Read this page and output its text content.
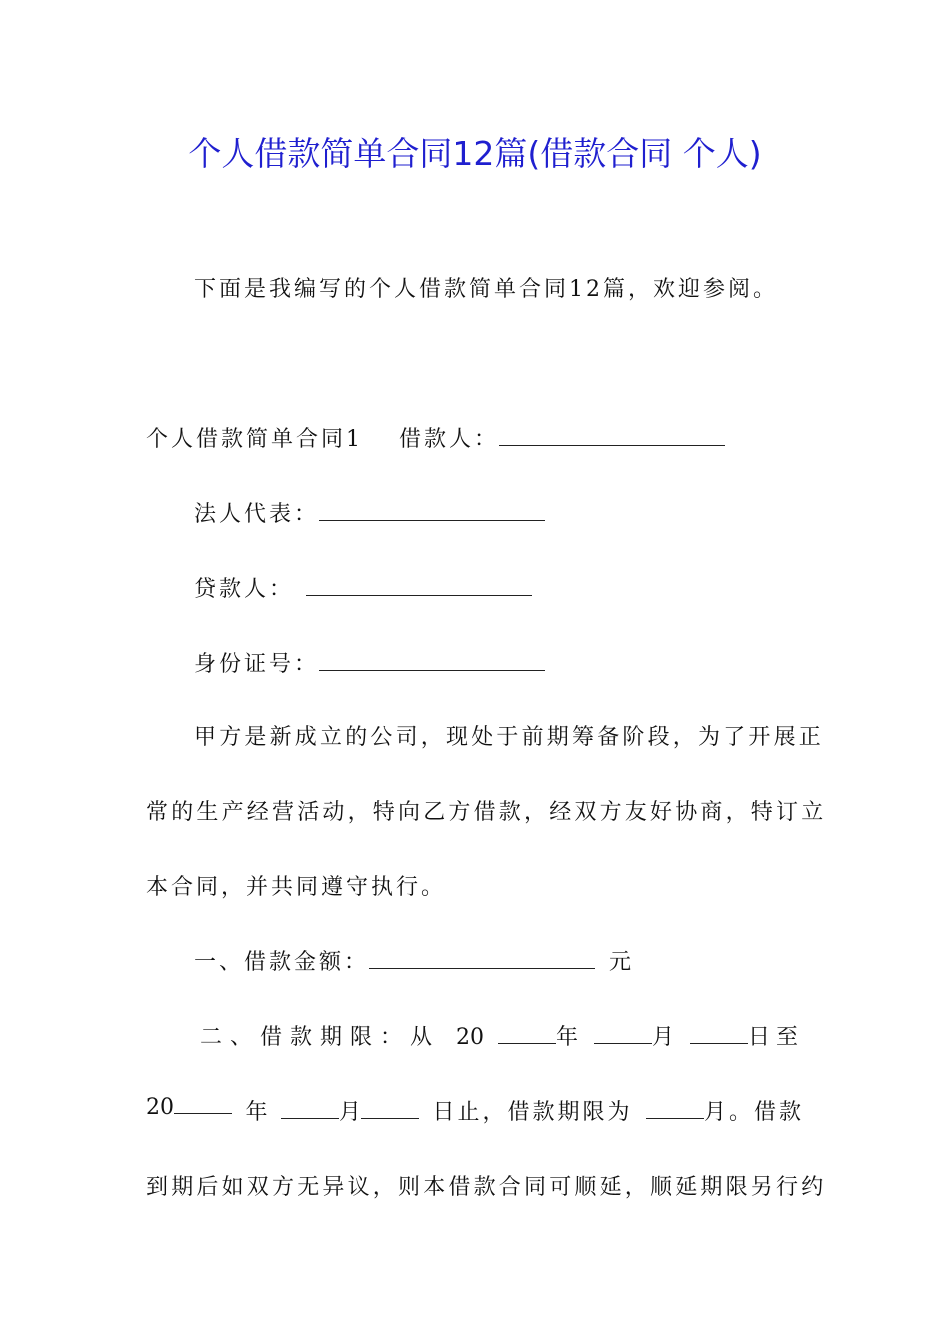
个人借款简单合同12篇(借款合同 个人)
下面是我编写的个人借款简单合同12篇，欢迎参阅。
个人借款简单合同1 借款人：
法人代表：
贷款人：
身份证号：
甲方是新成立的公司，现处于前期筹备阶段，为了开展正
常的生产经营活动，特向乙方借款，经双方友好协商，特订立
本合同，并共同遵守执行。
一、借款金额：	元
二、借款期限：从 20	年	月	日至
20	年	月	日止，借款期限为	月。借款
到期后如双方无异议，则本借款合同可顺延，顺延期限另行约
